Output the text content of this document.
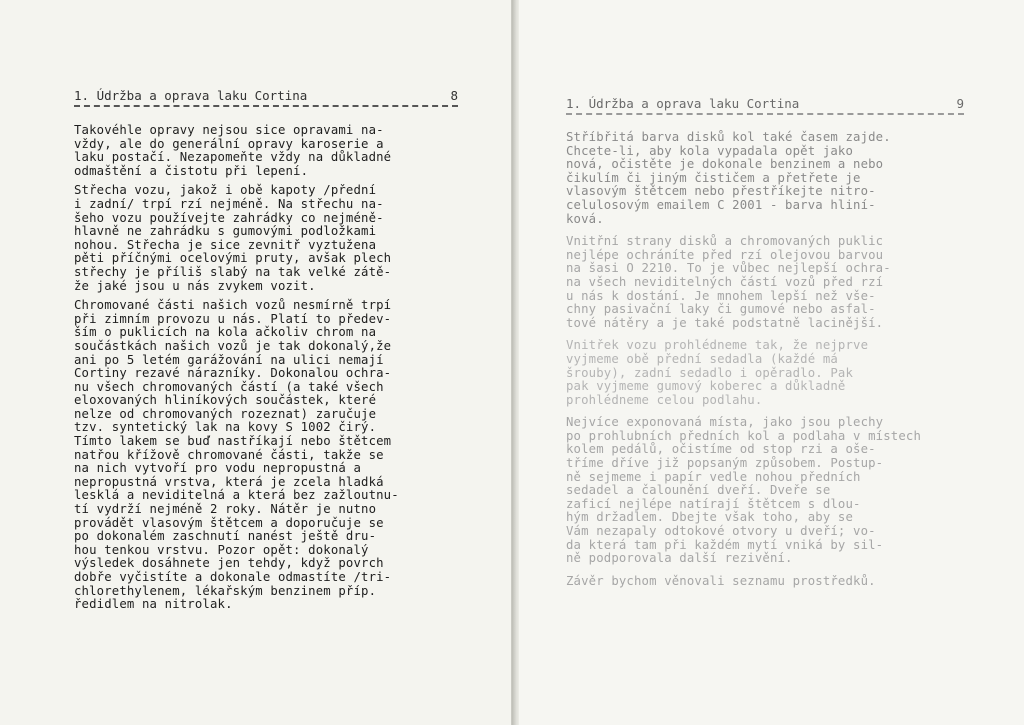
1. Údržba a oprava laku Cortina	8

Takovéhle opravy nejsou sice opravami na-

vždy, ale do generální opravy karoserie a

laku postačí. Nezapomeňte vždy na důkladné

odmaštění a čistotu při lepení.

Střecha vozu, jakož i obě kapoty /přední

i zadní/ trpí rzí nejméně. Na střechu na-

šeho vozu používejte zahrádky co nejméně-

hlavně ne zahrádku s gumovými podložkami

nohou. Střecha je sice zevnitř vyztužena

pěti příčnými ocelovými pruty, avšak plech

střechy je příliš slabý na tak velké zátě-

že jaké jsou u nás zvykem vozit.

Chromované části našich vozů nesmírně trpí

při zimním provozu u nás. Platí to předev-

ším o puklicích na kola ačkoliv chrom na

součástkách našich vozů je tak dokonalý,že

ani po 5 letém garážování na ulici nemají

Cortiny rezavé nárazníky. Dokonalou ochra-

nu všech chromovaných částí (a také všech

eloxovaných hliníkových součástek, které

nelze od chromovaných rozeznat) zaručuje

tzv. syntetický lak na kovy S 1002 čirý.

Tímto lakem se buď nastříkají nebo štětcem

natřou křížově chromované části, takže se

na nich vytvoří pro vodu nepropustná a

nepropustná vrstva, která je zcela hladká

lesklá a neviditelná a která bez zažloutnu-

tí vydrží nejméně 2 roky. Nátěr je nutno

provádět vlasovým štětcem a doporučuje se

po dokonalém zaschnutí nanést ještě dru-

hou tenkou vrstvu. Pozor opět: dokonalý

výsledek dosáhnete jen tehdy, když povrch

dobře vyčistíte a dokonale odmastíte /tri-

chlorethylenem, lékařským benzinem příp.

ředidlem na nitrolak.

1. Údržba a oprava laku Cortina	9

Stříbřitá barva disků kol také časem zajde.

Chcete-li, aby kola vypadala opět jako

nová, očistěte je dokonale benzinem a nebo

čikulím či jiným čističem a přetřete je

vlasovým štětcem nebo přestříkejte nitro-

celulosovým emailem C 2001 - barva hliní-

ková.

Vnitřní strany disků a chromovaných puklic

nejlépe ochráníte před rzí olejovou barvou

na šasi O 2210. To je vůbec nejlepší ochra-

na všech neviditelných částí vozů před rzí

u nás k dostání. Je mnohem lepší než vše-

chny pasivační laky či gumové nebo asfal-

tové nátěry a je také podstatně lacinější.

Vnitřek vozu prohlédneme tak, že nejprve

vyjmeme obě přední sedadla (každé má

šrouby), zadní sedadlo i opěradlo. Pak

pak vyjmeme gumový koberec a důkladně

prohlédneme celou podlahu.

Nejvíce exponovaná místa, jako jsou plechy

po prohlubních předních kol a podlaha v místech

kolem pedálů, očistíme od stop rzi a oše-

tříme dříve již popsaným způsobem. Postup-

ně sejmeme i papír vedle nohou předních

sedadel a čalounění dveří. Dveře se

zaficí nejlépe natírají štětcem s dlou-

hým držadlem. Dbejte však toho, aby se

Vám nezapaly odtokové otvory u dveří; vo-

da která tam při každém mytí vniká by sil-

ně podporovala další rezivění.

Závěr bychom věnovali seznamu prostředků.
